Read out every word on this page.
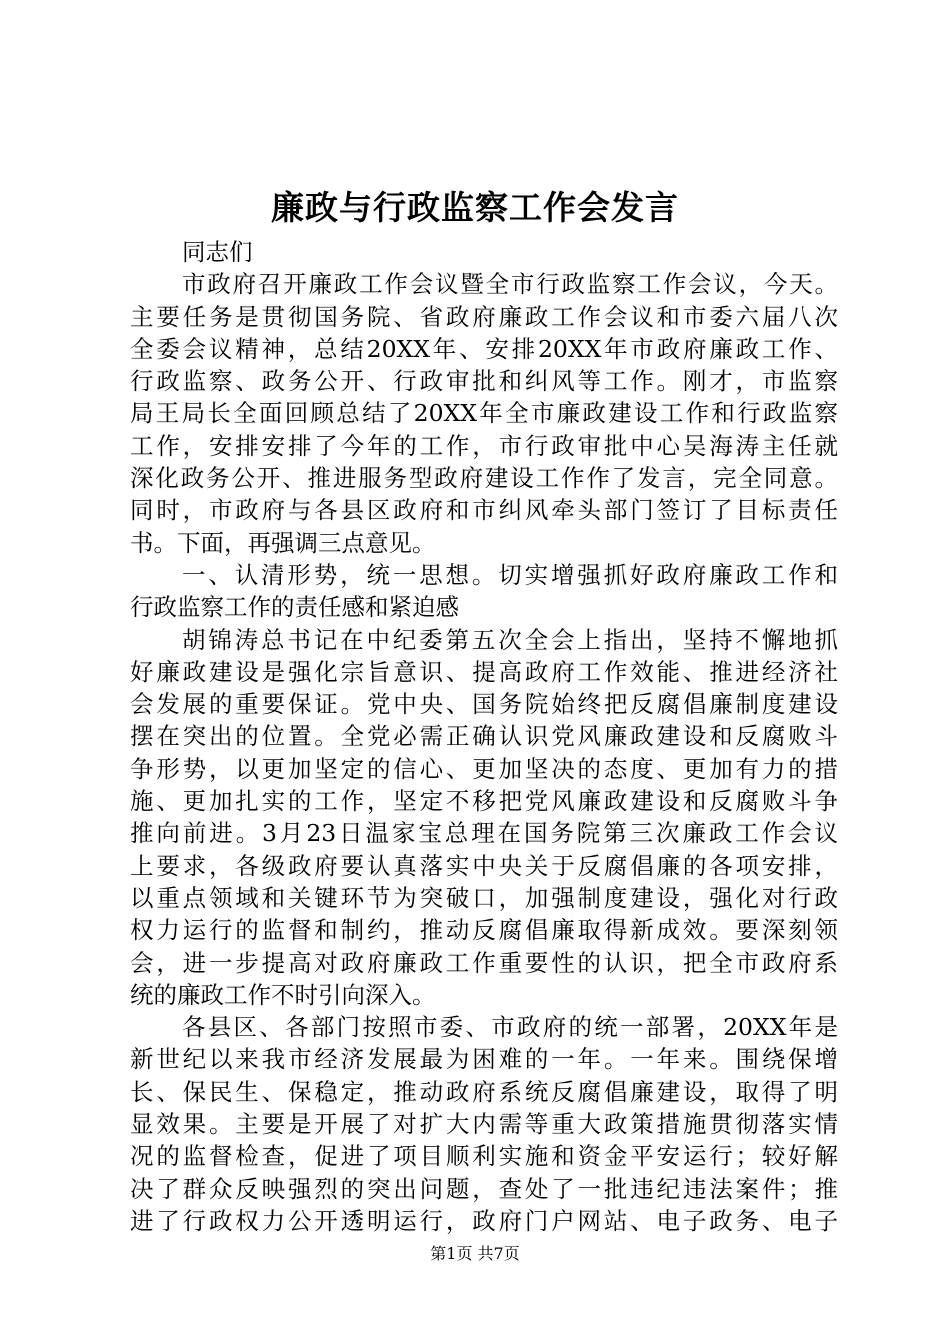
廉政与行政监察工作会发言
同志们
市政府召开廉政工作会议暨全市行政监察工作会议，今天。
主要任务是贯彻国务院、省政府廉政工作会议和市委六届八次
全委会议精神，总结20XX年、安排20XX年市政府廉政工作、
行政监察、政务公开、行政审批和纠风等工作。刚才，市监察
局王局长全面回顾总结了20XX年全市廉政建设工作和行政监察
工作，安排安排了今年的工作，市行政审批中心吴海涛主任就
深化政务公开、推进服务型政府建设工作作了发言，完全同意。
同时，市政府与各县区政府和市纠风牵头部门签订了目标责任
书。下面，再强调三点意见。
一、认清形势，统一思想。切实增强抓好政府廉政工作和
行政监察工作的责任感和紧迫感
胡锦涛总书记在中纪委第五次全会上指出，坚持不懈地抓
好廉政建设是强化宗旨意识、提高政府工作效能、推进经济社
会发展的重要保证。党中央、国务院始终把反腐倡廉制度建设
摆在突出的位置。全党必需正确认识党风廉政建设和反腐败斗
争形势，以更加坚定的信心、更加坚决的态度、更加有力的措
施、更加扎实的工作，坚定不移把党风廉政建设和反腐败斗争
推向前进。3月23日温家宝总理在国务院第三次廉政工作会议
上要求，各级政府要认真落实中央关于反腐倡廉的各项安排，
以重点领域和关键环节为突破口，加强制度建设，强化对行政
权力运行的监督和制约，推动反腐倡廉取得新成效。要深刻领
会，进一步提高对政府廉政工作重要性的认识，把全市政府系
统的廉政工作不时引向深入。
各县区、各部门按照市委、市政府的统一部署，20XX年是
新世纪以来我市经济发展最为困难的一年。一年来。围绕保增
长、保民生、保稳定，推动政府系统反腐倡廉建设，取得了明
显效果。主要是开展了对扩大内需等重大政策措施贯彻落实情
况的监督检查，促进了项目顺利实施和资金平安运行；较好解
决了群众反映强烈的突出问题，查处了一批违纪违法案件；推
进了行政权力公开透明运行，政府门户网站、电子政务、电子
第1页 共7页
